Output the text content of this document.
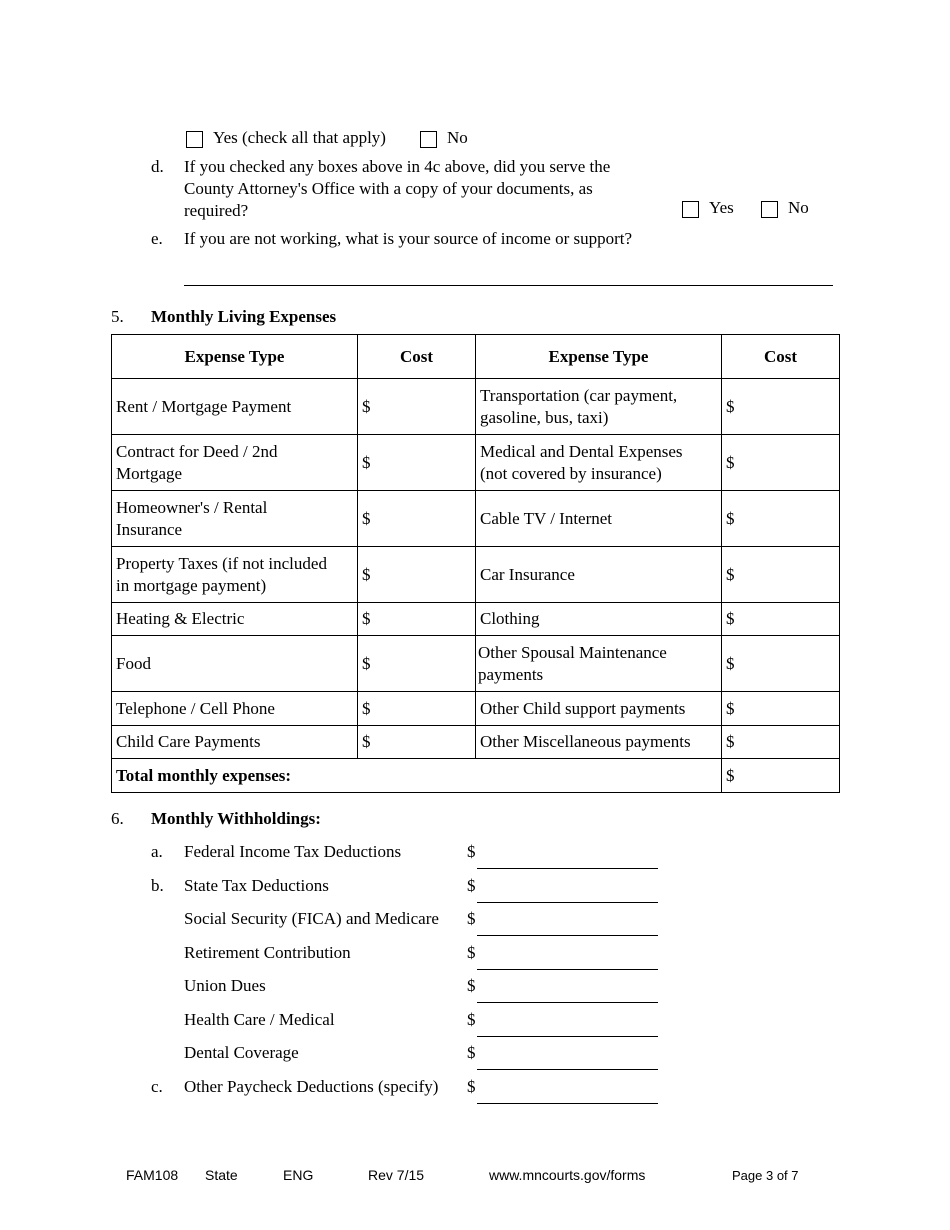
Yes (check all that apply)	No
d. If you checked any boxes above in 4c above, did you serve the
County Attorney's Office with a copy of your documents, as
required?	Yes	No
e. If you are not working, what is your source of income or support?
5. Monthly Living Expenses
Expense Type	Cost	Expense Type	Cost
Rent / Mortgage Payment	$	Transportation (car payment,
gasoline, bus, taxi)	$
Contract for Deed / 2nd
Mortgage	$	Medical and Dental Expenses
(not covered by insurance)	$
Homeowner's / Rental
Insurance	$	Cable TV / Internet	$
Property Taxes (if not included
in mortgage payment)	$	Car Insurance	$
Heating & Electric	$	Clothing	$
Food	$	Other Spousal Maintenance
payments	$
Telephone / Cell Phone	$	Other Child support payments	$
Child Care Payments	$	Other Miscellaneous payments	$
Total monthly expenses:			$
6. Monthly Withholdings:
a. Federal Income Tax Deductions	$
b. State Tax Deductions	$
Social Security (FICA) and Medicare $
Retirement Contribution	$
Union Dues	$
Health Care / Medical	$
Dental Coverage	$
c. Other Paycheck Deductions (specify) $
FAM108 State	ENG	Rev 7/15	www.mncourts.gov/forms	Page 3 of 7
